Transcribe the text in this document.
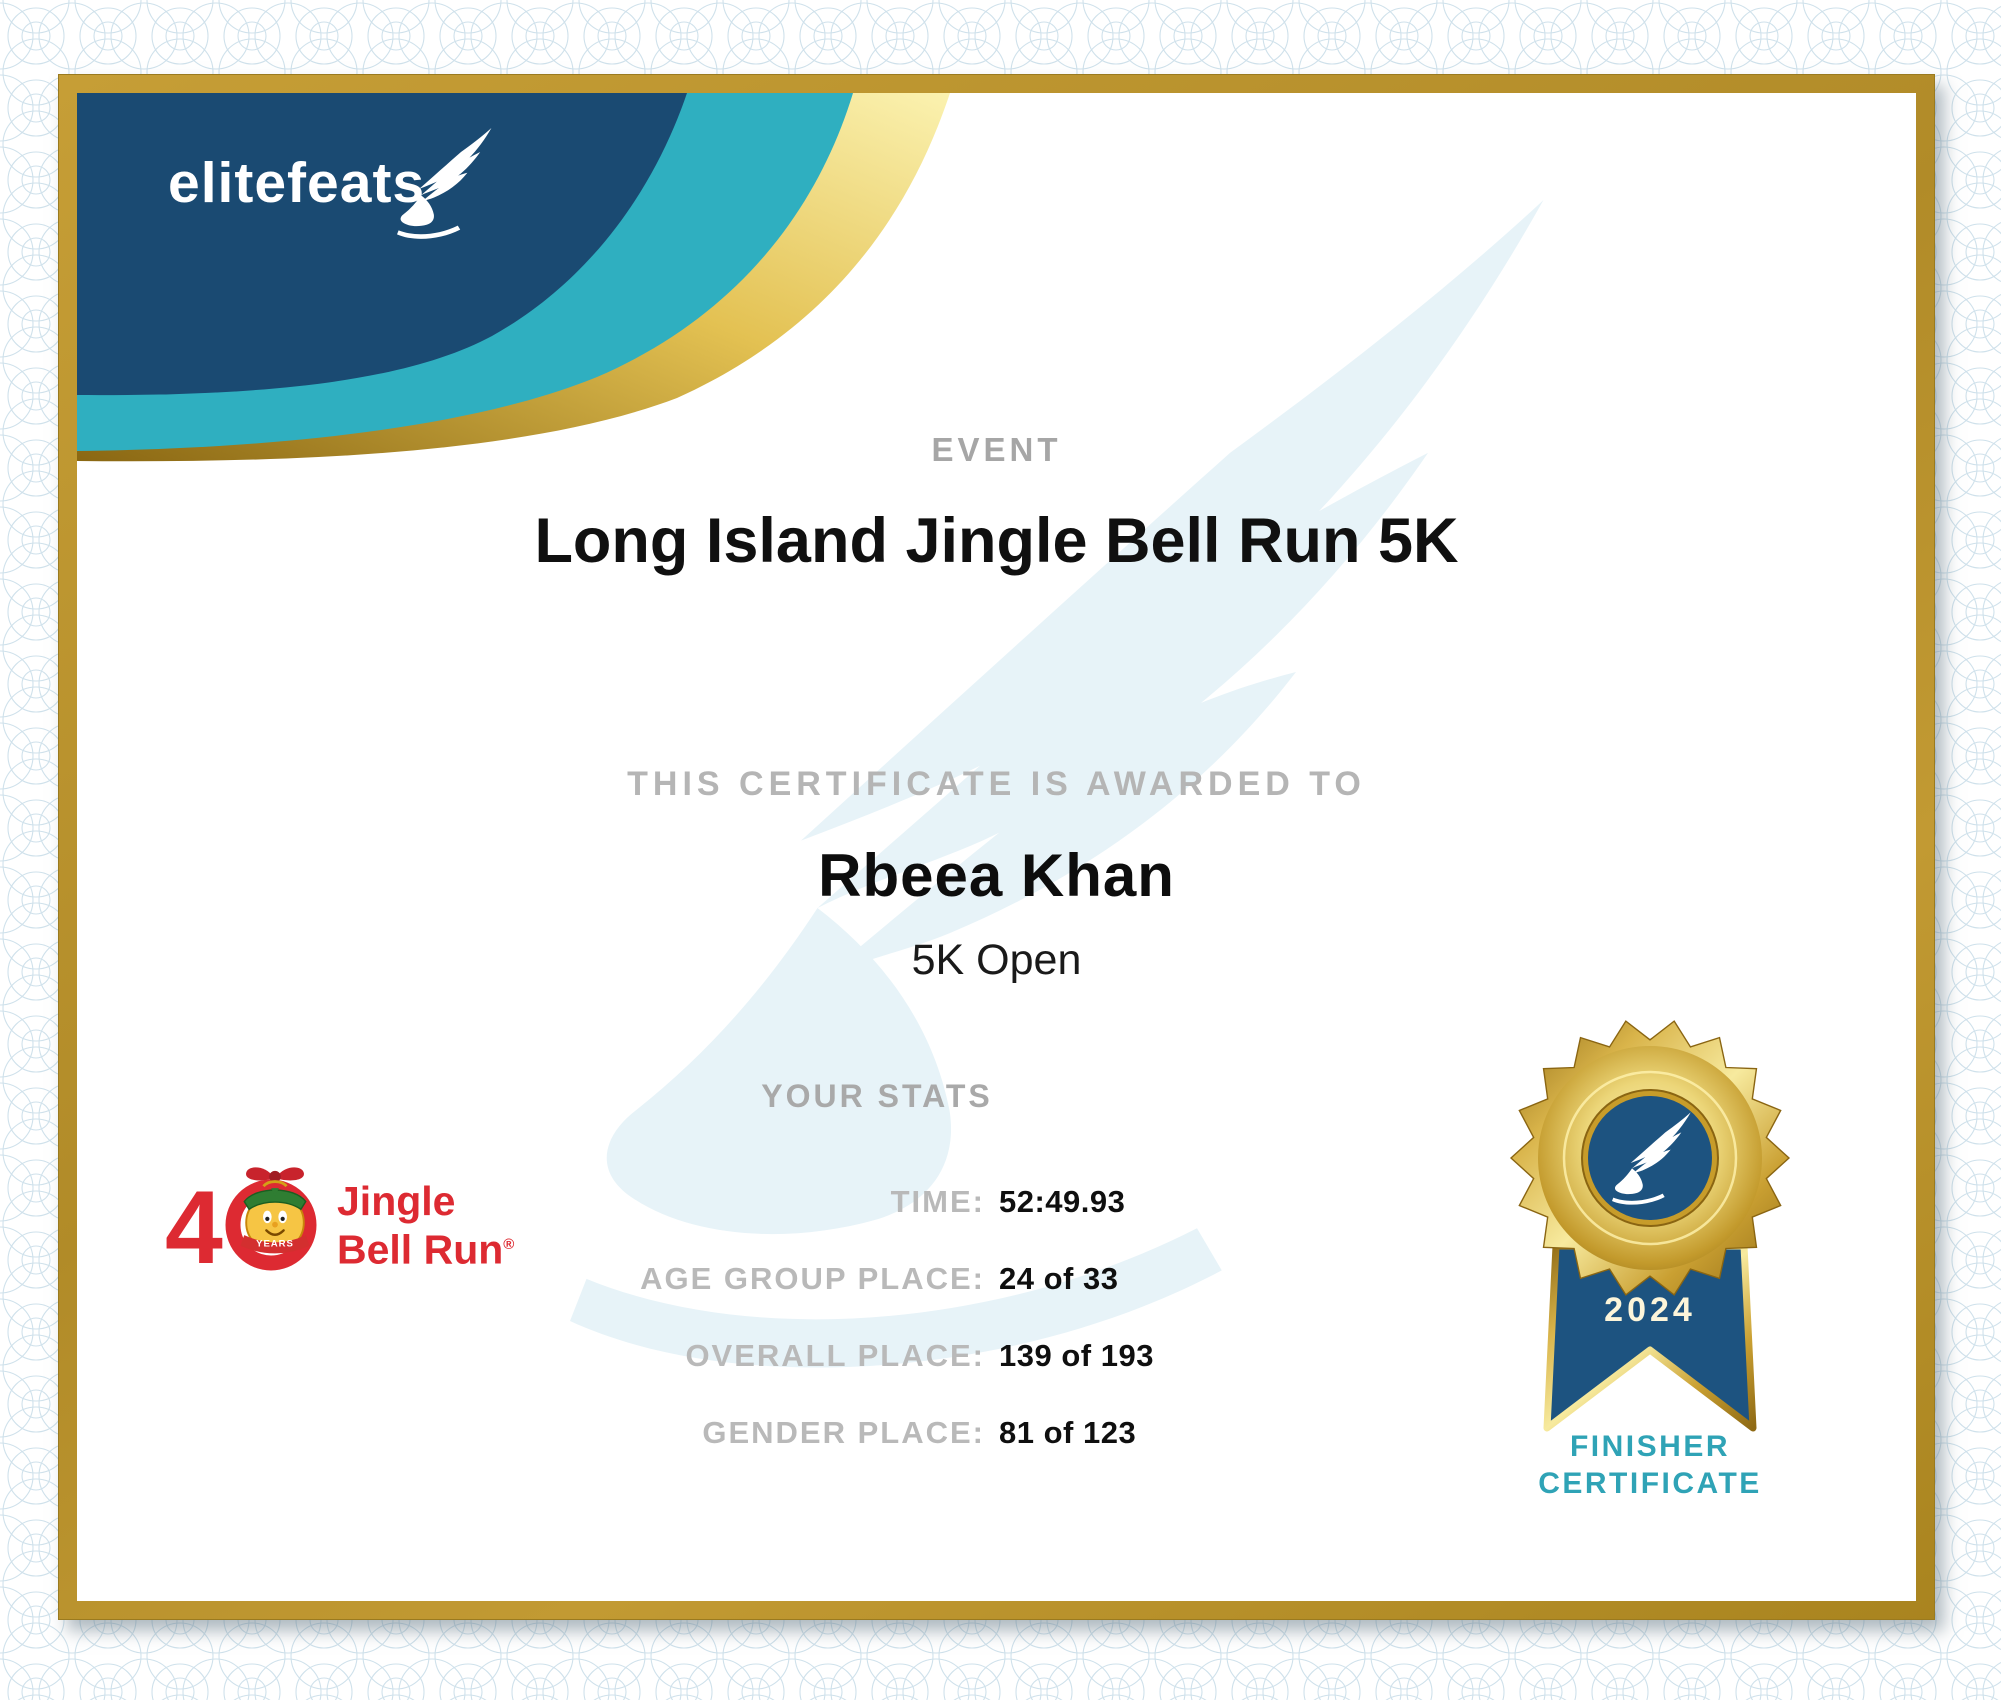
elitefeats
EVENT
Long Island Jingle Bell Run 5K
THIS CERTIFICATE IS AWARDED TO
Rbeea Khan
5K Open
YOUR STATS
TIME: 52:49.93
AGE GROUP PLACE: 24 of 33
OVERALL PLACE: 139 of 193
GENDER PLACE: 81 of 123
4	YEARS
Jingle
Bell Run®
2024
FINISHER
CERTIFICATE
